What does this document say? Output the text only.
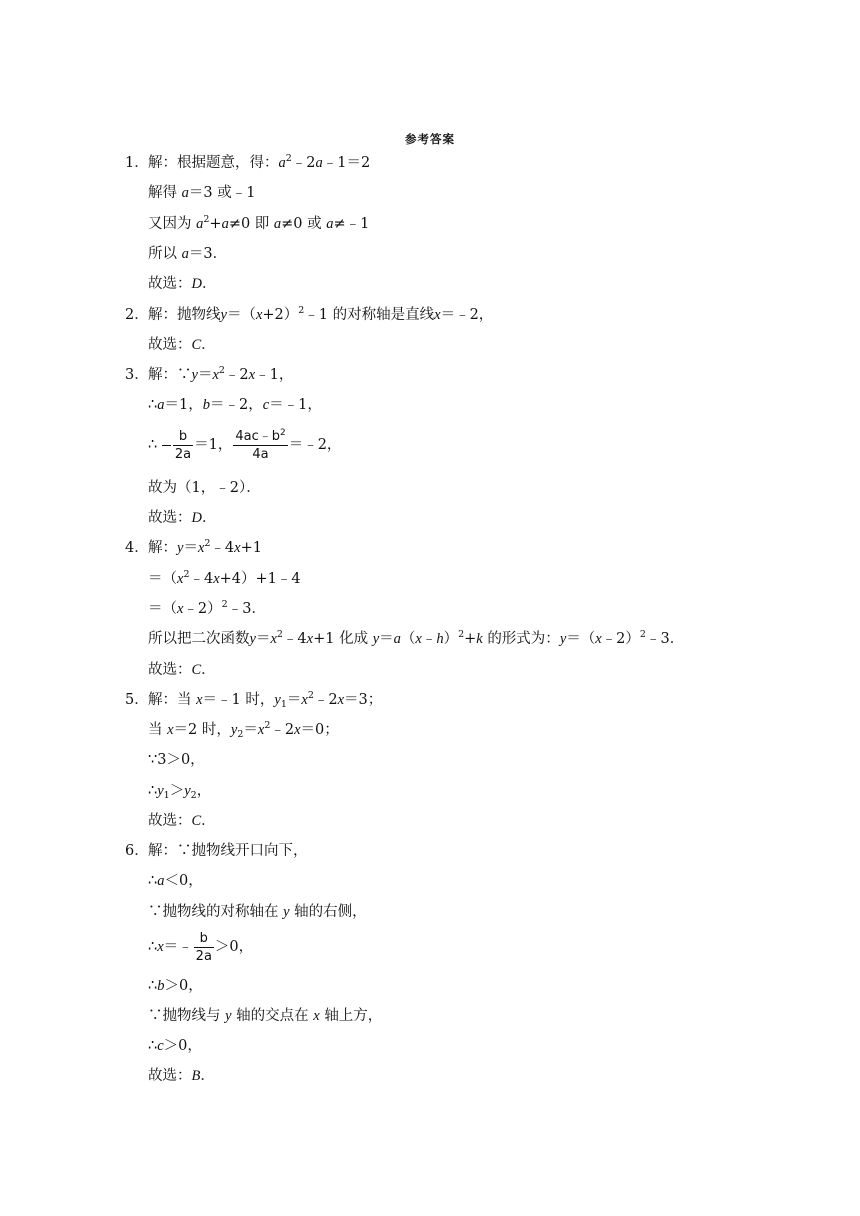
参考答案
1．解：根据题意，得：$a^2﹣2a﹣1=2$
解得 a＝3 或﹣1
又因为 $a^2+a\ne 0$ 即 a≠0 或 a≠﹣1
所以 a＝3．
故选：D．
2．解：抛物线$y=(x+2)^2﹣1$ 的对称轴是直线x＝﹣2，
故选：C．
3．解：$\because y=x^2﹣2x﹣1$，
∴a＝1，b＝﹣2，c＝﹣1，
∴ $\frac{b}{2a} =1$， $\frac{4ac﹣b^2}{4a}$ ＝﹣2，
故为（1，﹣2）．
故选：D．
4．解：$y=x^2﹣4x+1$
$=(x^2﹣4x+4)+1﹣4$
＝（x﹣2）$^2$﹣3．
所以把二次函数$y=x^2﹣4x+1$ 化成 y＝a（x﹣h）$^2$+k 的形式为：y＝（x﹣2）$^2$﹣3．
故选：C．
5．解：当 x＝﹣1 时，$y_1=x^2﹣2x=3$；
当 x＝2 时，$y_2=x^2﹣2x=0$；
∵3＞0，
$\therefore y_1>y_2$，
故选：C．
6．解：∵抛物线开口向下，
∴a＜0，
∵抛物线的对称轴在 y 轴的右侧，
∴x＝﹣ $\frac{b}{2a} >0$，
∴b＞0，
∵抛物线与 y 轴的交点在 x 轴上方，
∴c＞0，
故选：B．
